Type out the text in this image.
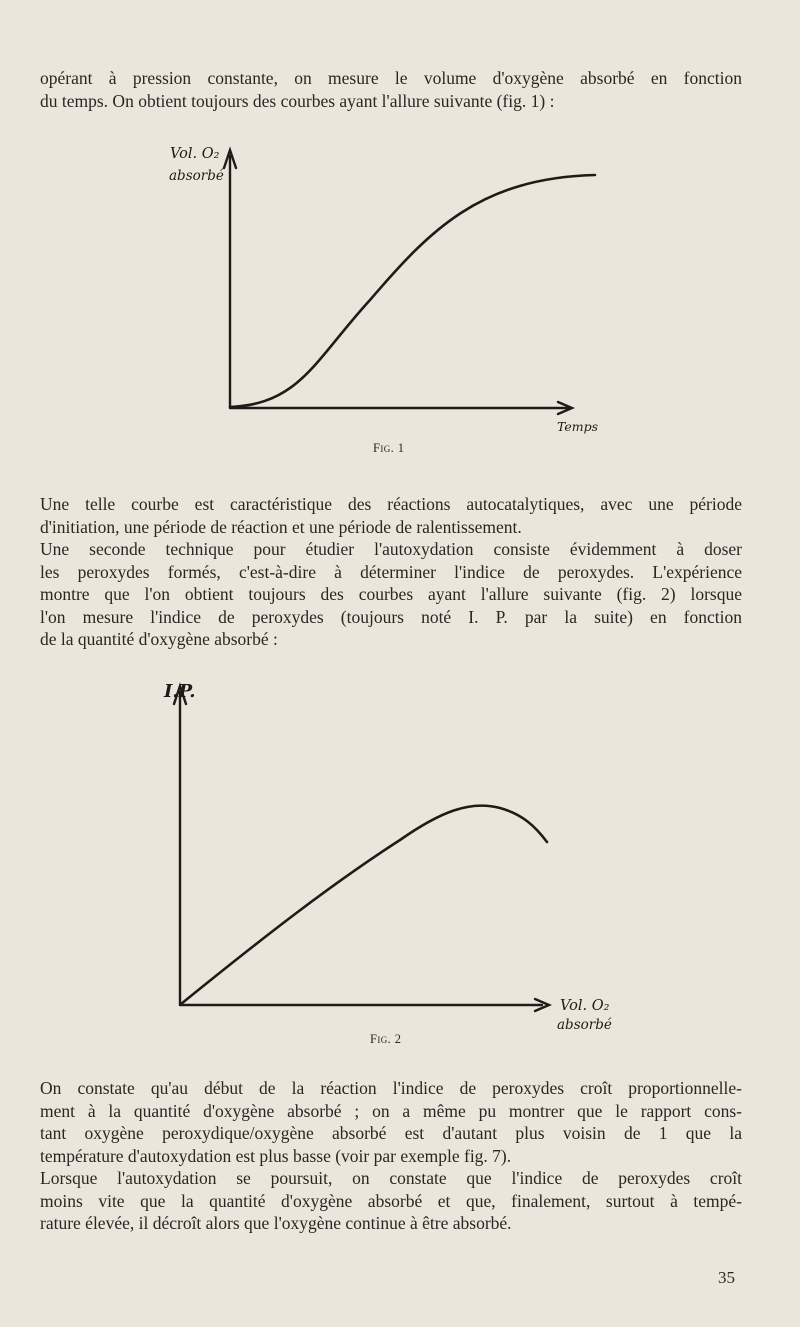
opérant à pression constante, on mesure le volume d'oxygène absorbé en fonction
du temps. On obtient toujours des courbes ayant l'allure suivante (fig. 1) :
Vol. O₂
absorbé
Temps
Fig. 1
Une telle courbe est caractéristique des réactions autocatalytiques, avec une période
d'initiation, une période de réaction et une période de ralentissement.
Une seconde technique pour étudier l'autoxydation consiste évidemment à doser
les peroxydes formés, c'est-à-dire à déterminer l'indice de peroxydes. L'expérience
montre que l'on obtient toujours des courbes ayant l'allure suivante (fig. 2) lorsque
l'on mesure l'indice de peroxydes (toujours noté I. P. par la suite) en fonction
de la quantité d'oxygène absorbé :
I.P.
Vol. O₂
absorbé
Fig. 2
On constate qu'au début de la réaction l'indice de peroxydes croît proportionnelle-
ment à la quantité d'oxygène absorbé ; on a même pu montrer que le rapport cons-
tant oxygène peroxydique/oxygène absorbé est d'autant plus voisin de 1 que la
température d'autoxydation est plus basse (voir par exemple fig. 7).
Lorsque l'autoxydation se poursuit, on constate que l'indice de peroxydes croît
moins vite que la quantité d'oxygène absorbé et que, finalement, surtout à tempé-
rature élevée, il décroît alors que l'oxygène continue à être absorbé.
35
